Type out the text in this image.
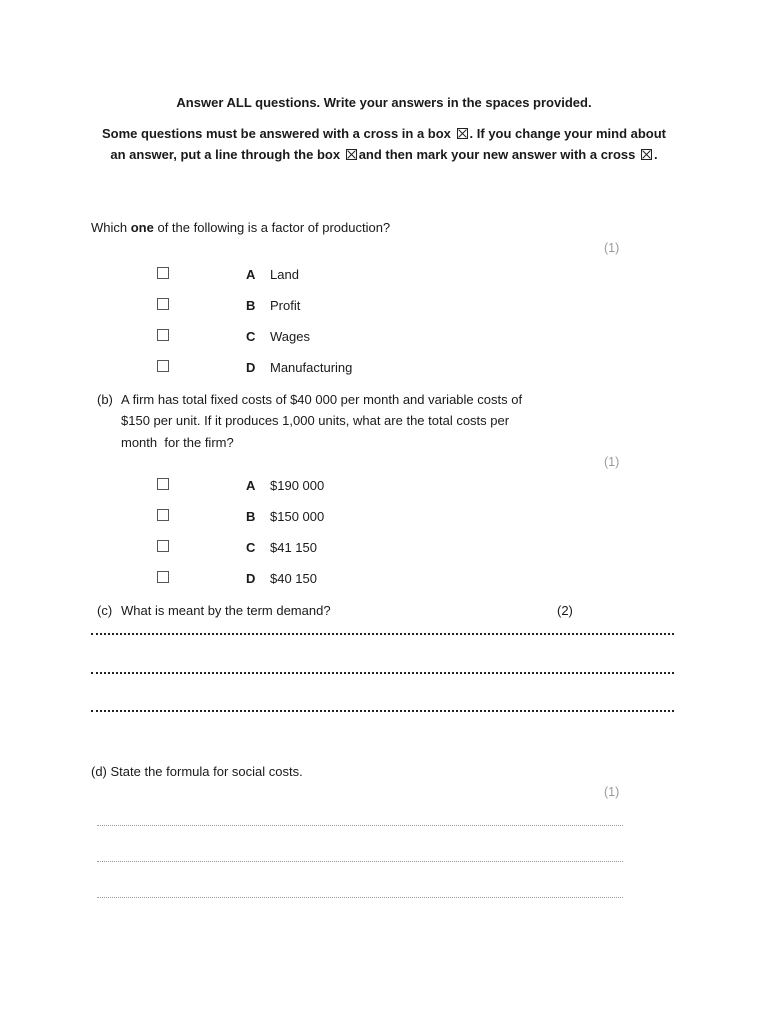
Answer ALL questions. Write your answers in the spaces provided.
Some questions must be answered with a cross in a box ☒ . If you change your mind about
an answer, put a line through the box ☒ and then mark your new answer with a cross ☒ .
Which one of the following is a factor of production?
(1)
A Land
B Profit
C Wages
D Manufacturing
(b) A firm has total fixed costs of $40 000 per month and variable costs of
$150 per unit. If it produces 1,000 units, what are the total costs per
month  for the firm?
(1)
A $190 000
B $150 000
C $41 150
D $40 150
(c) What is meant by the term demand?	(2)
(d) State the formula for social costs.
(1)
